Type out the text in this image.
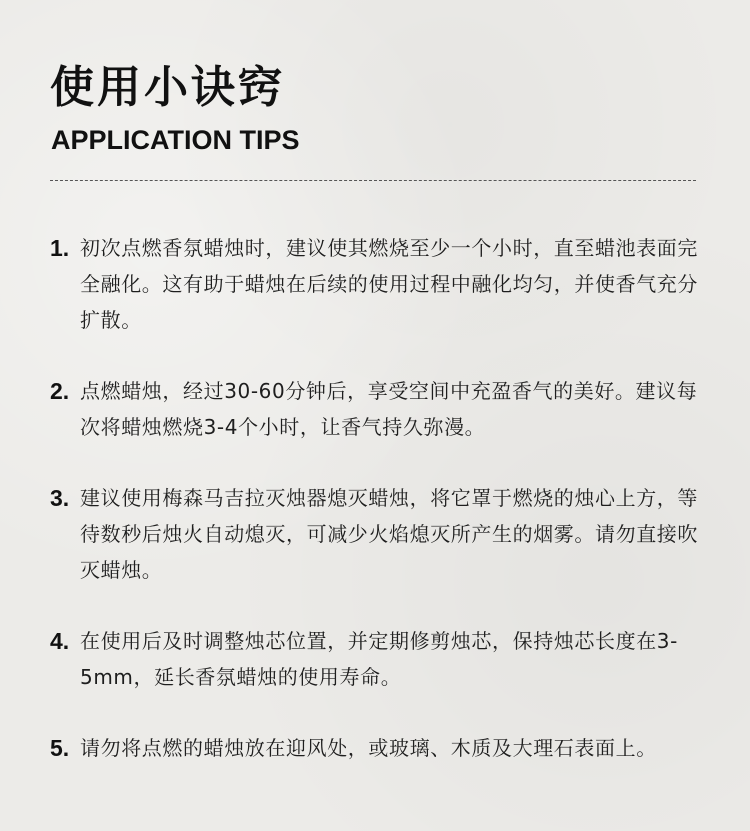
使用小诀窍
APPLICATION TIPS
1. 初次点燃香氛蜡烛时，建议使其燃烧至少一个小时，直至蜡池表面完全融化。这有助于蜡烛在后续的使用过程中融化均匀，并使香气充分扩散。
2. 点燃蜡烛，经过30-60分钟后，享受空间中充盈香气的美好。建议每次将蜡烛燃烧3-4个小时，让香气持久弥漫。
3. 建议使用梅森马吉拉灭烛器熄灭蜡烛，将它罩于燃烧的烛心上方，等待数秒后烛火自动熄灭，可减少火焰熄灭所产生的烟雾。请勿直接吹灭蜡烛。
4. 在使用后及时调整烛芯位置，并定期修剪烛芯，保持烛芯长度在3-5mm，延长香氛蜡烛的使用寿命。
5. 请勿将点燃的蜡烛放在迎风处，或玻璃、木质及大理石表面上。
